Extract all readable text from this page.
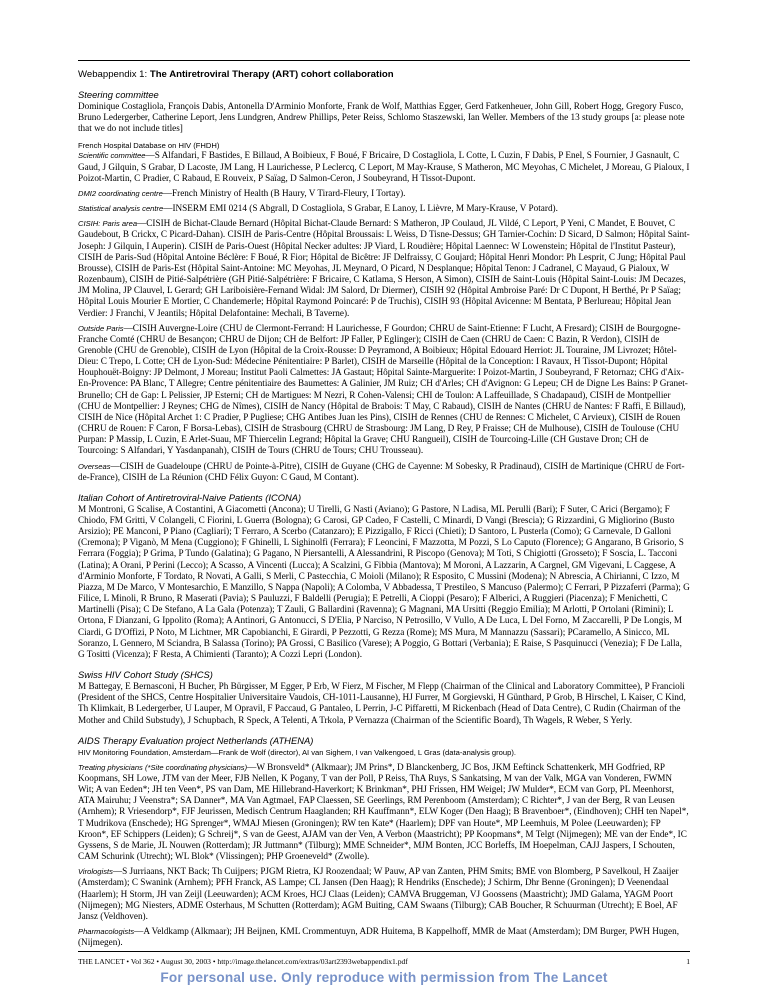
Webappendix 1: The Antiretroviral Therapy (ART) cohort collaboration

Steering committee

Dominique Costagliola, François Dabis, Antonella D'Arminio Monforte, Frank de Wolf, Matthias Egger, Gerd Fatkenheuer, John Gill, Robert Hogg, Gregory Fusco, Bruno Ledergerber, Catherine Leport, Jens Lundgren, Andrew Phillips, Peter Reiss, Schlomo Staszewski, Ian Weller. Members of the 13 study groups [a: please note that we do not include titles]

French Hospital Database on HIV (FHDH)

Scientific committee—S Alfandari, F Bastides, E Billaud, A Boibieux, F Boué, F Bricaire, D Costagliola, L Cotte, L Cuzin, F Dabis, P Enel, S Fournier, J Gasnault, C Gaud, J Gilquin, S Grabar, D Lacoste, JM Lang, H Laurichesse, P Leclercq, C Leport, M May-Krause, S Matheron, MC Meyohas, C Michelet, J Moreau, G Pialoux, I Poizot-Martin, C Pradier, C Rabaud, E Rouveix, P Saïag, D Salmon-Ceron, J Soubeyrand, H Tissot-Dupont.

DMI2 coordinating centre—French Ministry of Health (B Haury, V Tirard-Fleury, I Tortay).

Statistical analysis centre—INSERM EMI 0214 (S Abgrall, D Costagliola, S Grabar, E Lanoy, L Lièvre, M Mary-Krause, V Potard).

CISIH: Paris area—CISIH de Bichat-Claude Bernard (Hôpital Bichat-Claude Bernard: S Matheron, JP Coulaud, JL Vildé, C Leport, P Yeni, C Mandet, E Bouvet, C Gaudebout, B Crickx, C Picard-Dahan). CISIH de Paris-Centre (Hôpital Broussais: L Weiss, D Tisne-Dessus; GH Tarnier-Cochin: D Sicard, D Salmon; Hôpital Saint-Joseph: J Gilquin, I Auperin). CISIH de Paris-Ouest (Hôpital Necker adultes: JP Viard, L Roudière; Hôpital Laennec: W Lowenstein; Hôpital de l'Institut Pasteur), CISIH de Paris-Sud (Hôpital Antoine Béclère: F Boué, R Fior; Hôpital de Bicêtre: JF Delfraissy, C Goujard; Hôpital Henri Mondor: Ph Lesprit, C Jung; Hôpital Paul Brousse), CISIH de Paris-Est (Hôpital Saint-Antoine: MC Meyohas, JL Meynard, O Picard, N Desplanque; Hôpital Tenon: J Cadranel, C Mayaud, G Pialoux, W Rozenbaum), CISIH de Pitié-Salpétrière (GH Pitié-Salpétrière: F Bricaire, C Katlama, S Herson, A Simon), CISIH de Saint-Louis (Hôpital Saint-Louis: JM Decazes, JM Molina, JP Clauvel, L Gerard; GH Lariboisière-Fernand Widal: JM Salord, Dr Diermer), CISIH 92 (Hôpital Ambroise Paré: Dr C Dupont, H Berthé, Pr P Saïag; Hôpital Louis Mourier E Mortier, C Chandemerle; Hôpital Raymond Poincaré: P de Truchis), CISIH 93 (Hôpital Avicenne: M Bentata, P Berlureau; Hôpital Jean Verdier: J Franchi, V Jeantils; Hôpital Delafontaine: Mechali, B Taverne).

Outside Paris—CISIH Auvergne-Loire (CHU de Clermont-Ferrand: H Laurichesse, F Gourdon; CHRU de Saint-Etienne: F Lucht, A Fresard); CISIH de Bourgogne-Franche Comté (CHRU de Besançon; CHRU de Dijon; CH de Belfort: JP Faller, P Eglinger); CISIH de Caen (CHRU de Caen: C Bazin, R Verdon), CISIH de Grenoble (CHU de Grenoble), CISIH de Lyon (Hôpital de la Croix-Rousse: D Peyramond, A Boibieux; Hôpital Edouard Herriot: JL Touraine, JM Livrozet; Hôtel-Dieu: C Trepo, L Cotte; CH de Lyon-Sud: Médecine Pénitentiaire: P Barlet), CISIH de Marseille (Hôpital de la Conception: I Ravaux, H Tissot-Dupont; Hôpital Houphouët-Boigny: JP Delmont, J Moreau; Institut Paoli Calmettes: JA Gastaut; Hôpital Sainte-Marguerite: I Poizot-Martin, J Soubeyrand, F Retornaz; CHG d'Aix-En-Provence: PA Blanc, T Allegre; Centre pénitentiaire des Baumettes: A Galinier, JM Ruiz; CH d'Arles; CH d'Avignon: G Lepeu; CH de Digne Les Bains: P Granet-Brunello; CH de Gap: L Pelissier, JP Esterni; CH de Martigues: M Nezri, R Cohen-Valensi; CHI de Toulon: A Laffeuillade, S Chadapaud), CISIH de Montpellier (CHU de Montpellier: J Reynes; CHG de Nîmes), CISIH de Nancy (Hôpital de Brabois: T May, C Rabaud), CISIH de Nantes (CHRU de Nantes: F Raffi, E Billaud), CISIH de Nice (Hôpital Archet 1: C Pradier, P Pugliese; CHG Antibes Juan les Pins), CISIH de Rennes (CHU de Rennes: C Michelet, C Arvieux), CISIH de Rouen (CHRU de Rouen: F Caron, F Borsa-Lebas), CISIH de Strasbourg (CHRU de Strasbourg: JM Lang, D Rey, P Fraisse; CH de Mulhouse), CISIH de Toulouse (CHU Purpan: P Massip, L Cuzin, E Arlet-Suau, MF Thiercelin Legrand; Hôpital la Grave; CHU Rangueil), CISIH de Tourcoing-Lille (CH Gustave Dron; CH de Tourcoing: S Alfandari, Y Yasdanpanah), CISIH de Tours (CHRU de Tours; CHU Trousseau).

Overseas—CISIH de Guadeloupe (CHRU de Pointe-à-Pitre), CISIH de Guyane (CHG de Cayenne: M Sobesky, R Pradinaud), CISIH de Martinique (CHRU de Fort-de-France), CISIH de La Réunion (CHD Félix Guyon: C Gaud, M Contant).

Italian Cohort of Antiretroviral-Naive Patients (ICONA)

M Montroni, G Scalise, A Costantini, A Giacometti (Ancona); U Tirelli, G Nasti (Aviano); G Pastore, N Ladisa, ML Perulli (Bari); F Suter, C Arici (Bergamo); F Chiodo, FM Gritti, V Colangeli, C Fiorini, L Guerra (Bologna); G Carosi, GP Cadeo, F Castelli, C Minardi, D Vangi (Brescia); G Rizzardini, G Migliorino (Busto Arsizio); PE Manconi, P Piano (Cagliari); T Ferraro, A Scerbo (Catanzaro); E Pizzigallo, F Ricci (Chieti); D Santoro, L Pusterla (Como); G Carnevale, D Galloni (Cremona); P Viganò, M Mena (Cuggiono); F Ghinelli, L Sighinolfi (Ferrara); F Leoncini, F Mazzotta, M Pozzi, S Lo Caputo (Florence); G Angarano, B Grisorio, S Ferrara (Foggia); P Grima, P Tundo (Galatina); G Pagano, N Piersantelli, A Alessandrini, R Piscopo (Genova); M Toti, S Chigiotti (Grosseto); F Soscia, L. Tacconi (Latina); A Orani, P Perini (Lecco); A Scasso, A Vincenti (Lucca); A Scalzini, G Fibbia (Mantova); M Moroni, A Lazzarin, A Cargnel, GM Vigevani, L Caggese, A d'Arminio Monforte, F Tordato, R Novati, A Galli, S Merli, C Pastecchia, C Moioli (Milano); R Esposito, C Mussini (Modena); N Abrescia, A Chirianni, C Izzo, M Piazza, M De Marco, V Montesarchio, E Manzillo, S Nappa (Napoli); A Colomba, V Abbadessa, T Prestileo, S Mancuso (Palermo); C Ferrari, P Pizzaferri (Parma); G Filice, L Minoli, R Bruno, R Maserati (Pavia); S Pauluzzi, F Baldelli (Perugia); E Petrelli, A Cioppi (Pesaro); F Alberici, A Ruggieri (Piacenza); F Menichetti, C Martinelli (Pisa); C De Stefano, A La Gala (Potenza); T Zauli, G Ballardini (Ravenna); G Magnani, MA Ursitti (Reggio Emilia); M Arlotti, P Ortolani (Rimini); L Ortona, F Dianzani, G Ippolito (Roma); A Antinori, G Antonucci, S D'Elia, P Narciso, N Petrosillo, V Vullo, A De Luca, L Del Forno, M Zaccarelli, P De Longis, M Ciardi, G D'Offizi, P Noto, M Lichtner, MR Capobianchi, E Girardi, P Pezzotti, G Rezza (Rome); MS Mura, M Mannazzu (Sassari); PCaramello, A Sinicco, ML Soranzo, L Gennero, M Sciandra, B Salassa (Torino); PA Grossi, C Basilico (Varese); A Poggio, G Bottari (Verbania); E Raise, S Pasquinucci (Venezia); F De Lalla, G Tositti (Vicenza); F Resta, A Chimienti (Taranto); A Cozzi Lepri (London).

Swiss HIV Cohort Study (SHCS)

M Battegay, E Bernasconi, H Bucher, Ph Bürgisser, M Egger, P Erb, W Fierz, M Fischer, M Flepp (Chairman of the Clinical and Laboratory Committee), P Francioli (President of the SHCS, Centre Hospitalier Universitaire Vaudois, CH-1011-Lausanne), HJ Furrer, M Gorgievski, H Günthard, P Grob, B Hirschel, L Kaiser, C Kind, Th Klimkait, B Ledergerber, U Lauper, M Opravil, F Paccaud, G Pantaleo, L Perrin, J-C Piffaretti, M Rickenbach (Head of Data Centre), C Rudin (Chairman of the Mother and Child Substudy), J Schupbach, R Speck, A Telenti, A Trkola, P Vernazza (Chairman of the Scientific Board), Th Wagels, R Weber, S Yerly.

AIDS Therapy Evaluation project Netherlands (ATHENA)

HIV Monitoring Foundation, Amsterdam—Frank de Wolf (director), AI van Sighem, I van Valkengoed, L Gras (data-analysis group).

Treating physicians (*Site coordinating physicians)—W Bronsveld* (Alkmaar); JM Prins*, D Blanckenberg, JC Bos, JKM Eeftinck Schattenkerk, MH Godfried, RP Koopmans, SH Lowe, JTM van der Meer, FJB Nellen, K Pogany, T van der Poll, P Reiss, ThA Ruys, S Sankatsing, M van der Valk, MGA van Vonderen, FWMN Wit; A van Eeden*; JH ten Veen*, PS van Dam, ME Hillebrand-Haverkort; K Brinkman*, PHJ Frissen, HM Weigel; JW Mulder*, ECM van Gorp, PL Meenhorst, ATA Mairuhu; J Veenstra*; SA Danner*, MA Van Agtmael, FAP Claessen, SE Geerlings, RM Perenboom (Amsterdam); C Richter*, J van der Berg, R van Leusen (Arnhem); R Vriesendorp*, FJF Jeurissen, Medisch Centrum Haaglanden; RH Kauffmann*, ELW Koger (Den Haag); B Bravenboer*, (Eindhoven); CHH ten Napel*, T Mudrikova (Enschede); HG Sprenger*, WMAJ Miesen (Groningen); RW ten Kate* (Haarlem); DPF van Houte*, MP Leemhuis, M Polee (Leeuwarden); FP Kroon*, EF Schippers (Leiden); G Schreij*, S van de Geest, AJAM van der Ven, A Verbon (Maastricht); PP Koopmans*, M Telgt (Nijmegen); ME van der Ende*, IC Gyssens, S de Marie, JL Nouwen (Rotterdam); JR Juttmann* (Tilburg); MME Schneider*, MJM Bonten, JCC Borleffs, IM Hoepelman, CAJJ Jaspers, I Schouten, CAM Schurink (Utrecht); WL Blok* (Vlissingen); PHP Groeneveld* (Zwolle).

Virologists—S Jurriaans, NKT Back; Th Cuijpers; PJGM Rietra, KJ Roozendaal; W Pauw, AP van Zanten, PHM Smits; BME von Blomberg, P Savelkoul, H Zaaijer (Amsterdam); C Swanink (Arnhem); PFH Franck, AS Lampe; CL Jansen (Den Haag); R Hendriks (Enschede); J Schirm, Dhr Benne (Groningen); D Veenendaal (Haarlem); H Storm, JH van Zeijl (Leeuwarden); ACM Kroes, HCJ Claas (Leiden); CAMVA Bruggeman, VJ Goossens (Maastricht); JMD Galama, YAGM Poort (Nijmegen); MG Niesters, ADME Osterhaus, M Schutten (Rotterdam); AGM Buiting, CAM Swaans (Tilburg); CAB Boucher, R Schuurman (Utrecht); E Boel, AF Jansz (Veldhoven).

Pharmacologists—A Veldkamp (Alkmaar); JH Beijnen, KML Crommentuyn, ADR Huitema, B Kappelhoff, MMR de Maat (Amsterdam); DM Burger, PWH Hugen, (Nijmegen).

THE LANCET • Vol 362 • August 30, 2003 • http://image.thelancet.com/extras/03art2393webappendix1.pdf	1
For personal use. Only reproduce with permission from The Lancet
